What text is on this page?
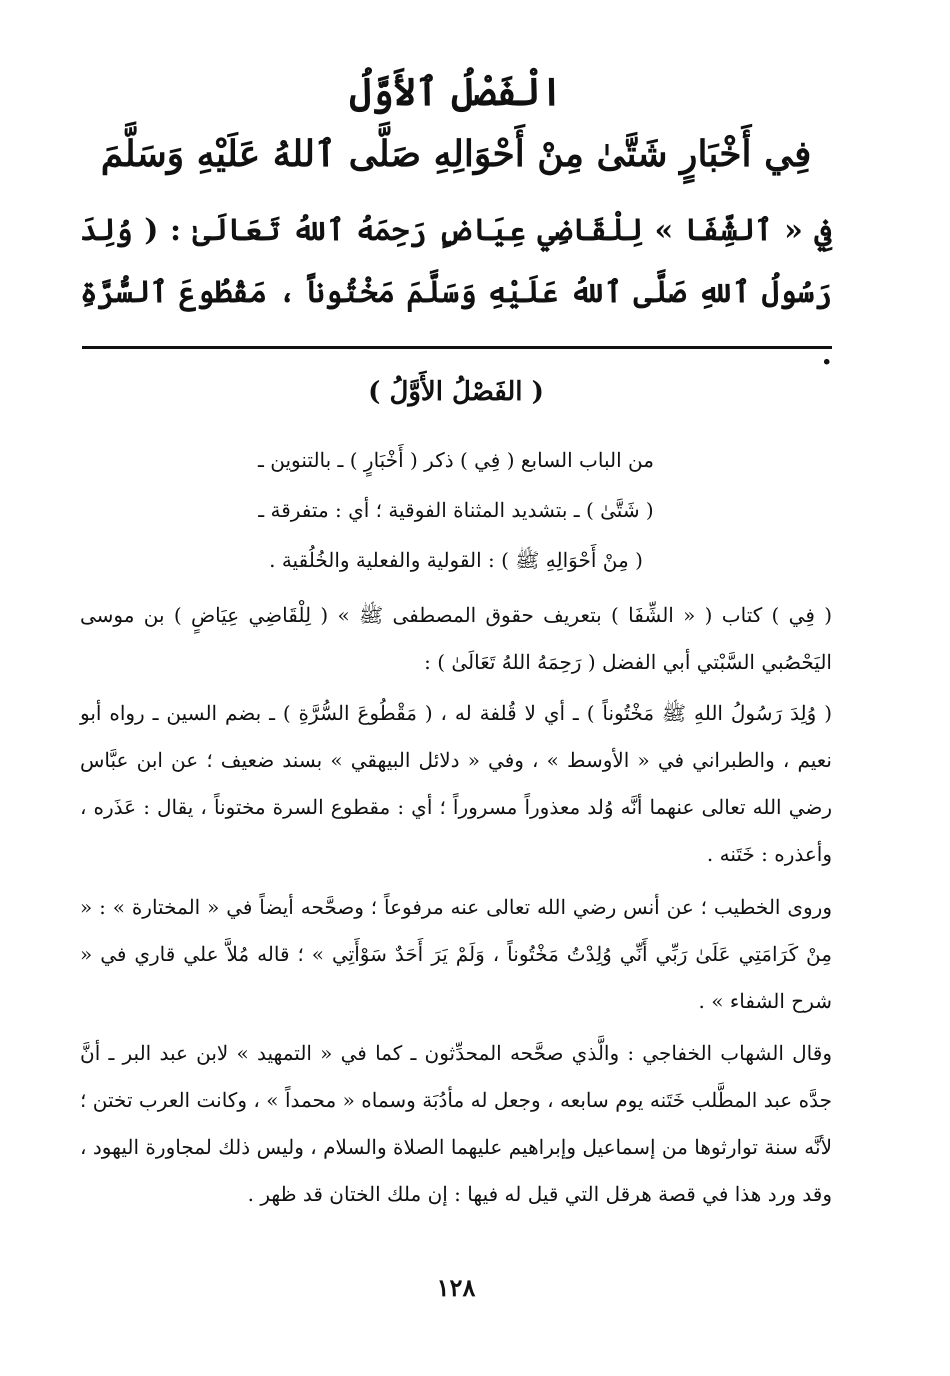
الْفَصْلُ ٱلأَوَّلُ
فِي أَخْبَارٍ شَتَّىٰ مِنْ أَحْوَالِهِ صَلَّى ٱللهُ عَلَيْهِ وَسَلَّمَ

فِي « ٱلشِّفَا » لِلْقَاضِي عِيَاضٍ رَحِمَهُ ٱللهُ تَعَالَىٰ : ( وُلِدَ رَسُولُ ٱللهِ صَلَّى ٱللهُ عَلَيْهِ وَسَلَّمَ مَخْتُوناً ، مَقْطُوعَ ٱلسُّرَّةِ .

( الفَصْلُ الأَوَّلُ )

من الباب السابع ( فِي ) ذكر ( أَخْبَارٍ ) ـ بالتنوين ـ

( شَتَّىٰ ) ـ بتشديد المثناة الفوقية ؛ أي : متفرقة ـ

( مِنْ أَحْوَالِهِ ﷺ ) : القولية والفعلية والخُلُقية .

( فِي ) كتاب ( « الشِّفَا ) بتعريف حقوق المصطفى ﷺ » ( لِلْقَاضِي عِيَاضٍ ) بن موسى اليَحْصُبي السَّبْتي أبي الفضل ( رَحِمَهُ اللهُ تَعَالَىٰ ) :

( وُلِدَ رَسُولُ اللهِ ﷺ مَخْتُوناً ) ـ أي لا قُلفة له ، ( مَقْطُوعَ السُّرَّةِ ) ـ بضم السين ـ رواه أبو نعيم ، والطبراني في « الأوسط » ، وفي « دلائل البيهقي » بسند ضعيف ؛ عن ابن عبَّاس رضي الله تعالى عنهما أنَّه وُلد معذوراً مسروراً ؛ أي : مقطوع السرة مختوناً ، يقال : عَذَره ، وأعذره : خَتَنه .

وروى الخطيب ؛ عن أنس رضي الله تعالى عنه مرفوعاً ؛ وصحَّحه أيضاً في « المختارة » : « مِنْ كَرَامَتِي عَلَىٰ رَبِّي أَنِّي وُلِدْتُ مَخْتُوناً ، وَلَمْ يَرَ أَحَدٌ سَوْأَتِي » ؛ قاله مُلاَّ علي قاري في « شرح الشفاء » .

وقال الشهاب الخفاجي : والَّذي صحَّحه المحدِّثون ـ كما في « التمهيد » لابن عبد البر ـ أنَّ جدَّه عبد المطَّلب خَتَنه يوم سابعه ، وجعل له مأدُبَة وسماه « محمداً » ، وكانت العرب تختن ؛ لأنَّه سنة توارثوها من إسماعيل وإبراهيم عليهما الصلاة والسلام ، وليس ذلك لمجاورة اليهود ، وقد ورد هذا في قصة هرقل التي قيل له فيها : إن ملك الختان قد ظهر .

١٢٨
